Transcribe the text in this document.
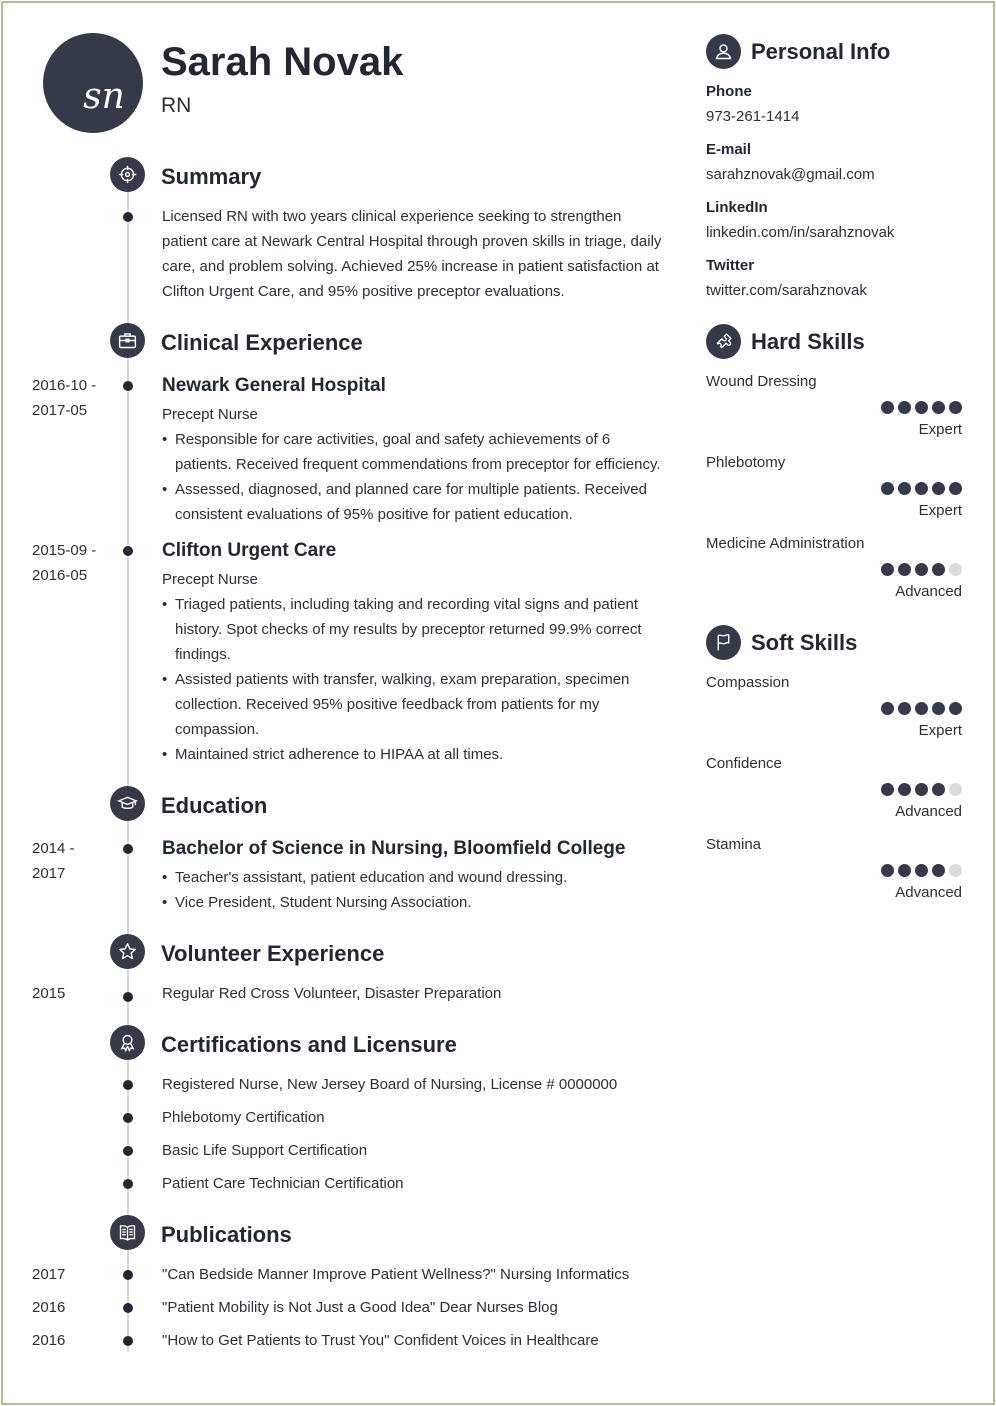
sn
Sarah Novak
RN
Summary
Licensed RN with two years clinical experience seeking to strengthen patient care at Newark Central Hospital through proven skills in triage, daily care, and problem solving. Achieved 25% increase in patient satisfaction at Clifton Urgent Care, and 95% positive preceptor evaluations.
Clinical Experience
2016-10 -
2017-05
Newark General Hospital
Precept Nurse
• Responsible for care activities, goal and safety achievements of 6 patients. Received frequent commendations from preceptor for efficiency.
• Assessed, diagnosed, and planned care for multiple patients. Received consistent evaluations of 95% positive for patient education.
2015-09 -
2016-05
Clifton Urgent Care
Precept Nurse
• Triaged patients, including taking and recording vital signs and patient history. Spot checks of my results by preceptor returned 99.9% correct findings.
• Assisted patients with transfer, walking, exam preparation, specimen collection. Received 95% positive feedback from patients for my compassion.
• Maintained strict adherence to HIPAA at all times.
Education
2014 -
2017
Bachelor of Science in Nursing, Bloomfield College
• Teacher's assistant, patient education and wound dressing.
• Vice President, Student Nursing Association.
Volunteer Experience
2015	Regular Red Cross Volunteer, Disaster Preparation
Certifications and Licensure
Registered Nurse, New Jersey Board of Nursing, License # 0000000
Phlebotomy Certification
Basic Life Support Certification
Patient Care Technician Certification
Publications
2017	"Can Bedside Manner Improve Patient Wellness?" Nursing Informatics
2016	"Patient Mobility is Not Just a Good Idea" Dear Nurses Blog
2016	"How to Get Patients to Trust You" Confident Voices in Healthcare
Personal Info
Phone
973-261-1414
E-mail
sarahznovak@gmail.com
LinkedIn
linkedin.com/in/sarahznovak
Twitter
twitter.com/sarahznovak
Hard Skills
Wound Dressing
Expert
Phlebotomy
Expert
Medicine Administration
Advanced
Soft Skills
Compassion
Expert
Confidence
Advanced
Stamina
Advanced
